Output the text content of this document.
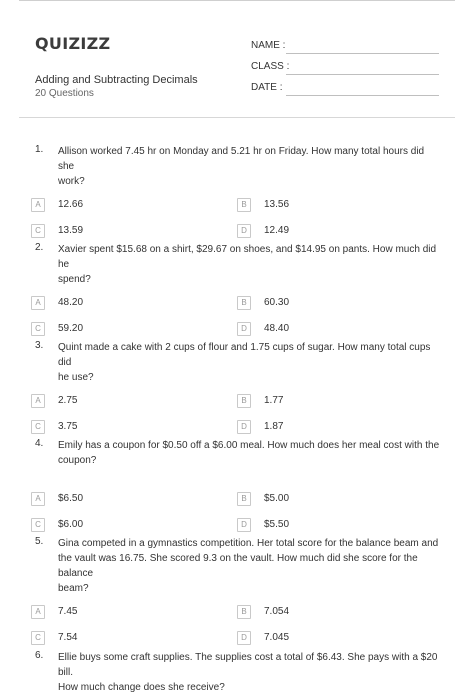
QUIZIZZ
Adding and Subtracting Decimals
20 Questions
NAME :
CLASS :
DATE :
1. Allison worked 7.45 hr on Monday and 5.21 hr on Friday. How many total hours did she
work?
A	12.66	B	13.56
C	13.59	D	12.49
2. Xavier spent $15.68 on a shirt, $29.67 on shoes, and $14.95 on pants. How much did he
spend?
A	48.20	B	60.30
C	59.20	D	48.40
3. Quint made a cake with 2 cups of flour and 1.75 cups of sugar. How many total cups did
he use?
A	2.75	B	1.77
C	3.75	D	1.87
4. Emily has a coupon for $0.50 off a $6.00 meal. How much does her meal cost with the
coupon?
A	$6.50	B	$5.00
C	$6.00	D	$5.50
5. Gina competed in a gymnastics competition. Her total score for the balance beam and
the vault was 16.75. She scored 9.3 on the vault. How much did she score for the balance
beam?
A	7.45	B	7.054
C	7.54	D	7.045
6. Ellie buys some craft supplies. The supplies cost a total of $6.43. She pays with a $20 bill.
How much change does she receive?
